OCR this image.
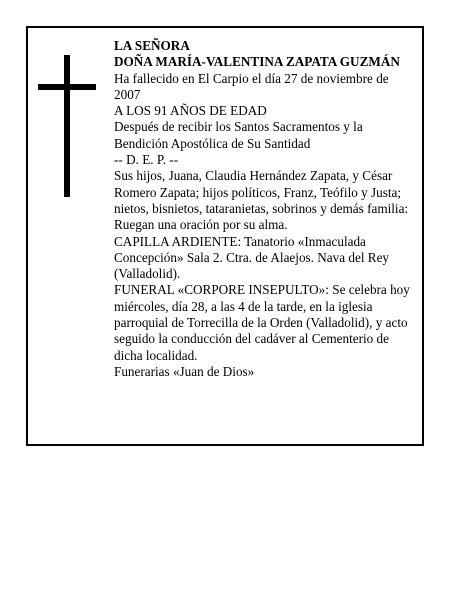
LA SEÑORA
DOÑA MARÍA-VALENTINA ZAPATA GUZMÁN
Ha fallecido en El Carpio el día 27 de noviembre de
2007
A LOS 91 AÑOS DE EDAD
Después de recibir los Santos Sacramentos y la
Bendición Apostólica de Su Santidad
-- D. E. P. --
Sus hijos, Juana, Claudia Hernández Zapata, y César
Romero Zapata; hijos políticos, Franz, Teófilo y Justa;
nietos, bisnietos, tataranietas, sobrinos y demás familia:
Ruegan una oración por su alma.
CAPILLA ARDIENTE: Tanatorio «Inmaculada
Concepción» Sala 2. Ctra. de Alaejos. Nava del Rey
(Valladolid).
FUNERAL «CORPORE INSEPULTO»: Se celebra hoy
miércoles, día 28, a las 4 de la tarde, en la iglesia
parroquial de Torrecilla de la Orden (Valladolid), y acto
seguido la conducción del cadáver al Cementerio de
dicha localidad.
Funerarias «Juan de Dios»
